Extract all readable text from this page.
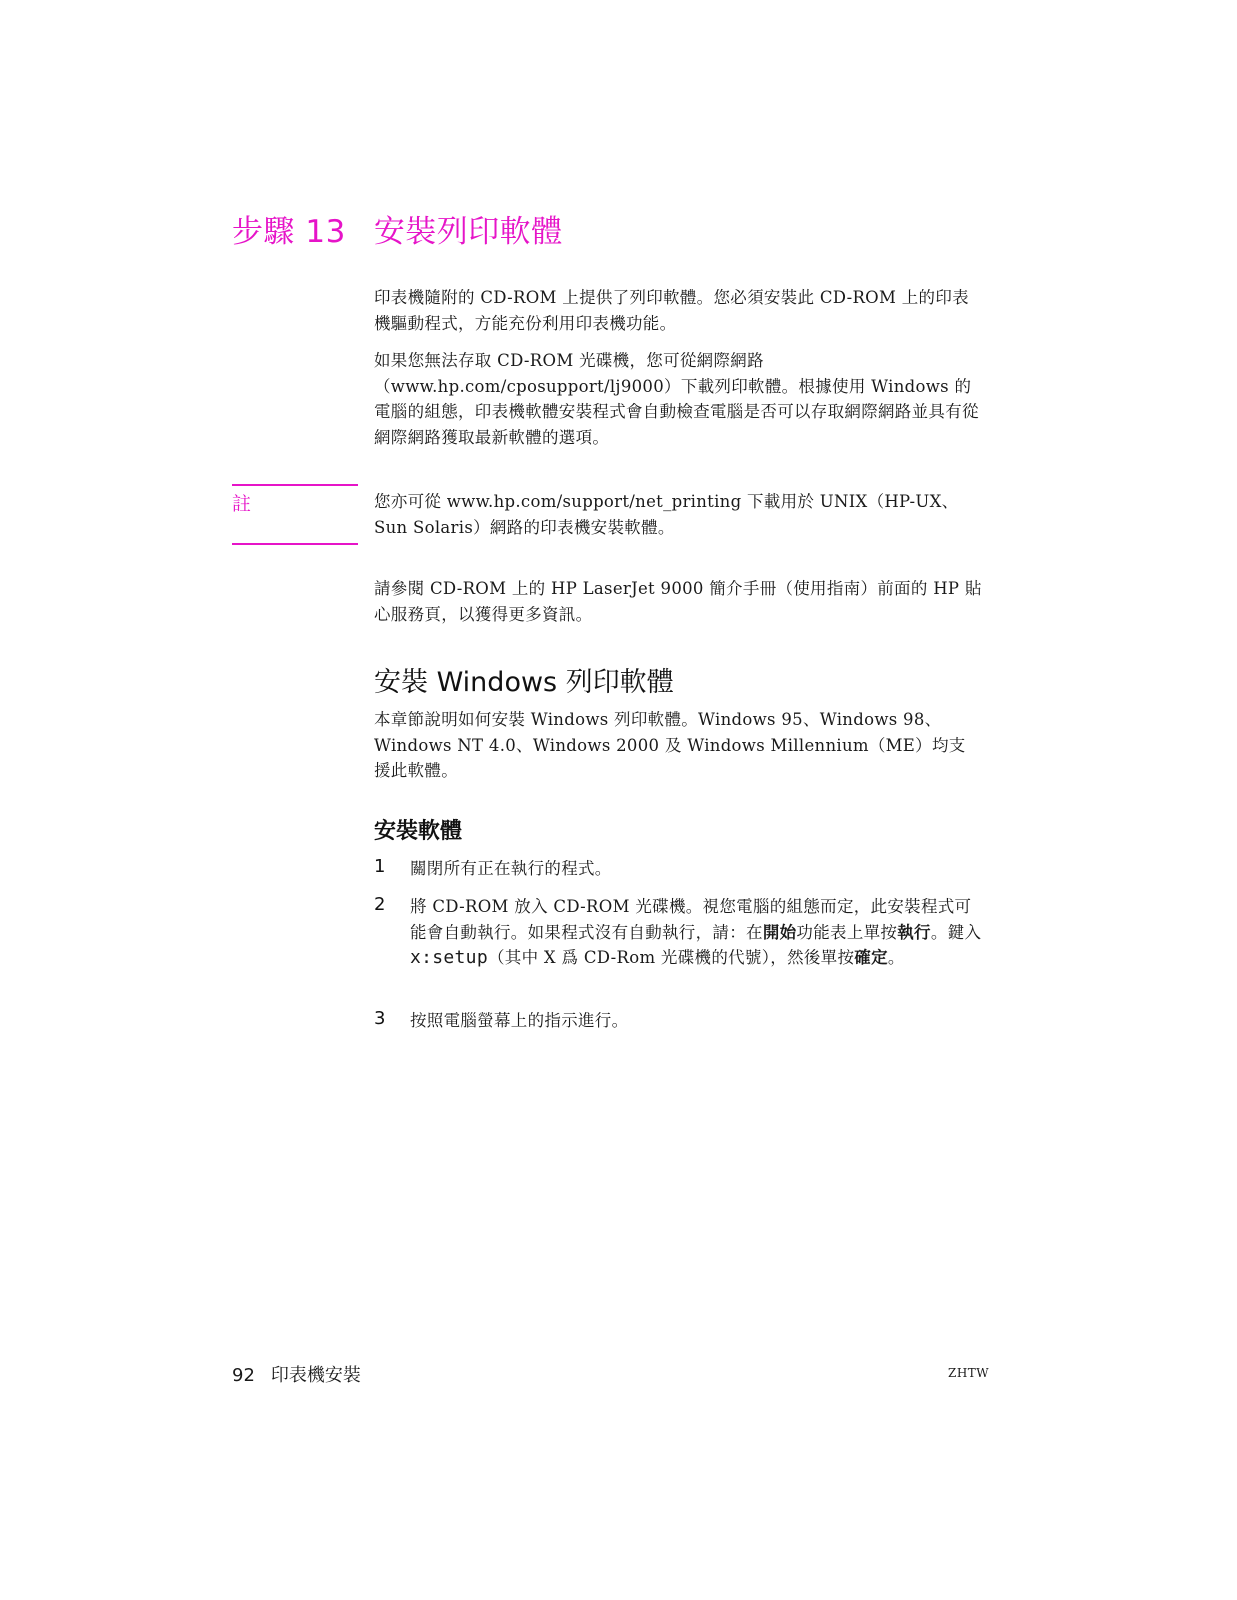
步驟 13 安裝列印軟體

印表機隨附的 CD-ROM 上提供了列印軟體。您必須安裝此 CD-ROM 上的印表機驅動程式，方能充份利用印表機功能。

如果您無法存取 CD-ROM 光碟機，您可從網際網路（www.hp.com/cposupport/lj9000）下載列印軟體。根據使用 Windows 的電腦的組態，印表機軟體安裝程式會自動檢查電腦是否可以存取網際網路並具有從網際網路獲取最新軟體的選項。

註	您亦可從 www.hp.com/support/net_printing 下載用於 UNIX（HP-UX、Sun Solaris）網路的印表機安裝軟體。

請參閱 CD-ROM 上的 HP LaserJet 9000 簡介手冊（使用指南）前面的 HP 貼心服務頁，以獲得更多資訊。

安裝 Windows 列印軟體

本章節說明如何安裝 Windows 列印軟體。Windows 95、Windows 98、Windows NT 4.0、Windows 2000 及 Windows Millennium（ME）均支援此軟體。

安裝軟體
1 關閉所有正在執行的程式。
2 將 CD-ROM 放入 CD-ROM 光碟機。視您電腦的組態而定，此安裝程式可能會自動執行。如果程式沒有自動執行，請：在開始功能表上單按執行。鍵入 x:setup（其中 X 爲 CD-Rom 光碟機的代號），然後單按確定。
3 按照電腦螢幕上的指示進行。
92 印表機安裝	ZHTW
